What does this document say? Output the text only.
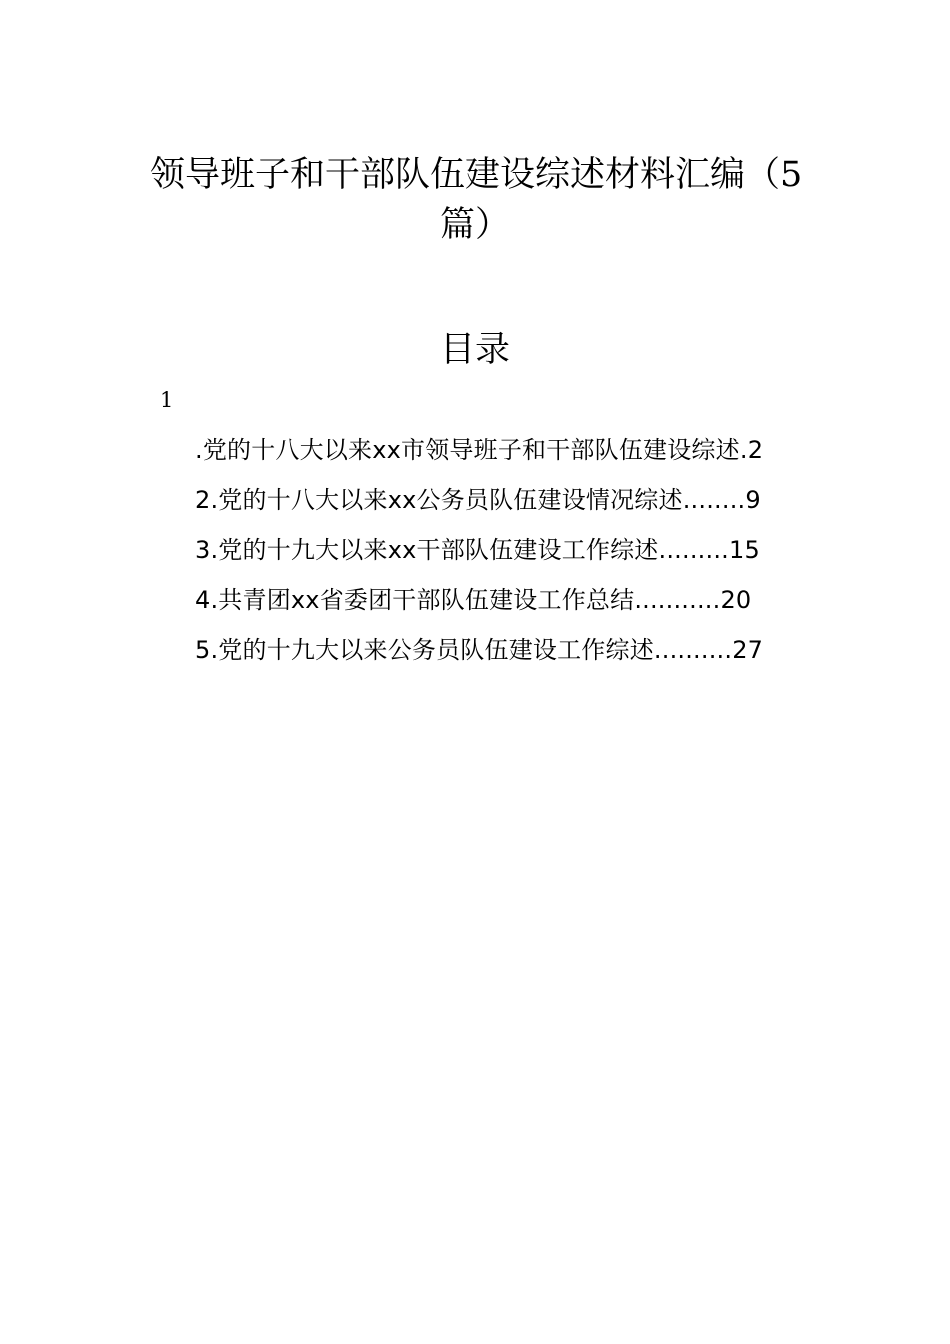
领导班子和干部队伍建设综述材料汇编（5
篇）
目录
1
.党的十八大以来xx市领导班子和干部队伍建设综述.2
2.党的十八大以来xx公务员队伍建设情况综述........9
3.党的十九大以来xx干部队伍建设工作综述.........15
4.共青团xx省委团干部队伍建设工作总结...........20
5.党的十九大以来公务员队伍建设工作综述..........27
